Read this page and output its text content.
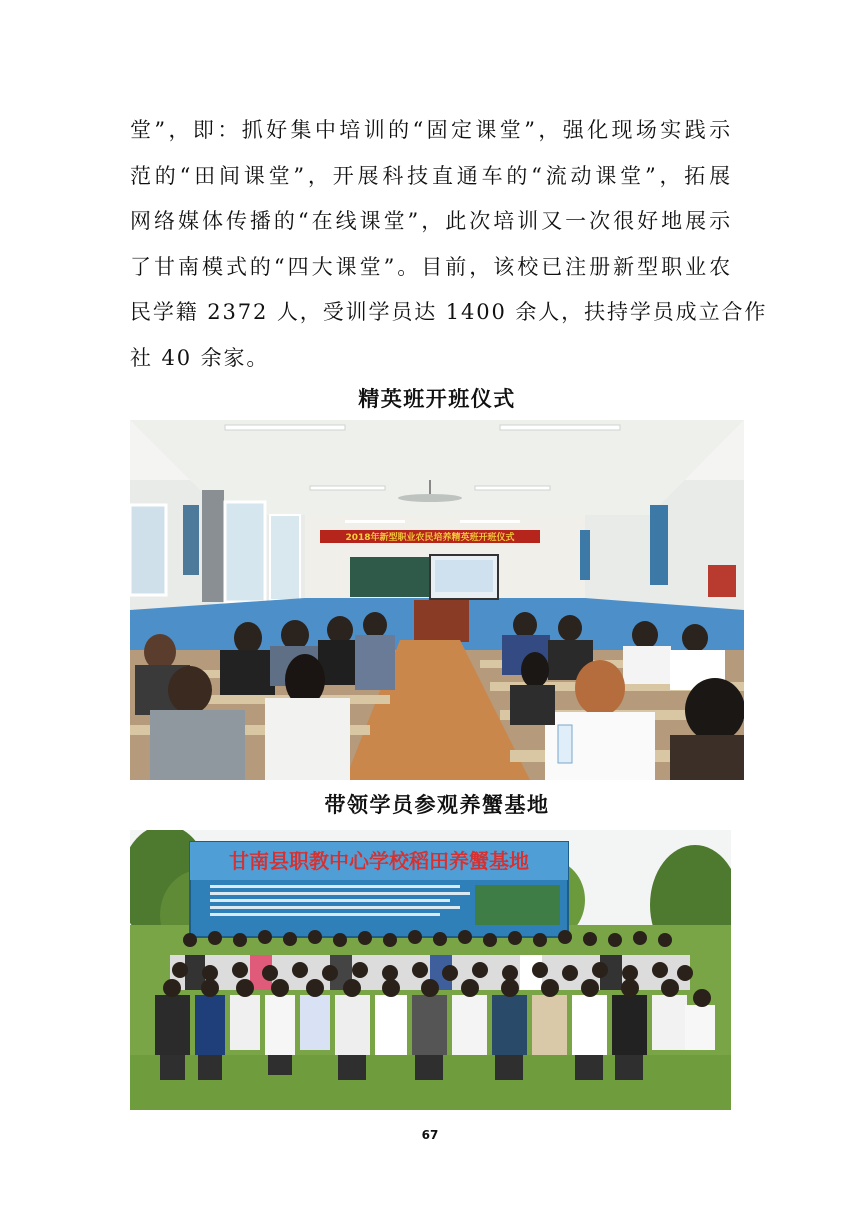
堂”，即：抓好集中培训的“固定课堂”，强化现场实践示
范的“田间课堂”，开展科技直通车的“流动课堂”，拓展
网络媒体传播的“在线课堂”，此次培训又一次很好地展示
了甘南模式的“四大课堂”。目前，该校已注册新型职业农
民学籍 2372 人，受训学员达 1400 余人，扶持学员成立合作
社 40 余家。
精英班开班仪式
2018年新型职业农民培养精英班开班仪式
带领学员参观养蟹基地
甘南县职教中心学校稻田养蟹基地
67
